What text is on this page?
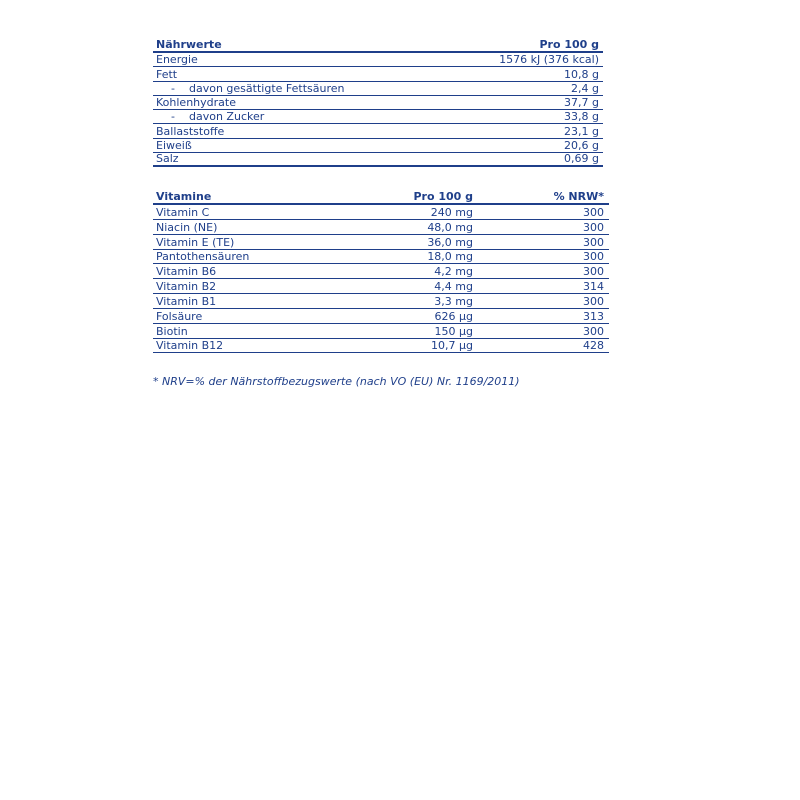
Nährwerte	Pro 100 g
Energie	1576 kJ (376 kcal)
Fett	10,8 g
- davon gesättigte Fettsäuren	2,4 g
Kohlenhydrate	37,7 g
- davon Zucker	33,8 g
Ballaststoffe	23,1 g
Eiweiß	20,6 g
Salz	0,69 g
Vitamine	Pro 100 g	% NRW*
Vitamin C	240 mg	300
Niacin (NE)	48,0 mg	300
Vitamin E (TE)	36,0 mg	300
Pantothensäuren	18,0 mg	300
Vitamin B6	4,2 mg	300
Vitamin B2	4,4 mg	314
Vitamin B1	3,3 mg	300
Folsäure	626 µg	313
Biotin	150 µg	300
Vitamin B12	10,7 µg	428
* NRV=% der Nährstoffbezugswerte (nach VO (EU) Nr. 1169/2011)
